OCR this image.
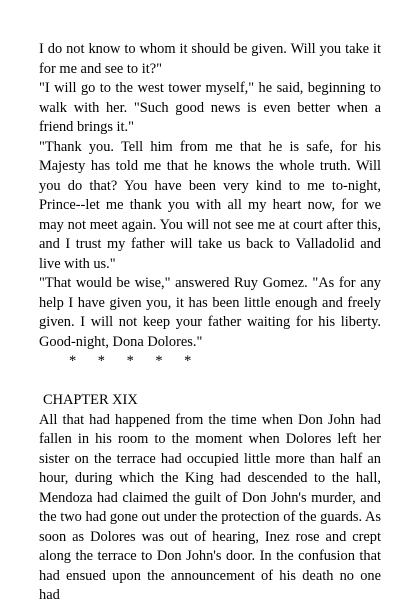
I do not know to whom it should be given. Will you take it for me and see to it?"

"I will go to the west tower myself," he said, beginning to walk with her. "Such good news is even better when a friend brings it."

"Thank you. Tell him from me that he is safe, for his Majesty has told me that he knows the whole truth. Will you do that? You have been very kind to me to-night, Prince--let me thank you with all my heart now, for we may not meet again. You will not see me at court after this, and I trust my father will take us back to Valladolid and live with us."

"That would be wise," answered Ruy Gomez. "As for any help I have given you, it has been little enough and freely given. I will not keep your father waiting for his liberty. Good-night, Dona Dolores."

*      *      *      *      *

CHAPTER XIX

All that had happened from the time when Don John had fallen in his room to the moment when Dolores left her sister on the terrace had occupied little more than half an hour, during which the King had descended to the hall, Mendoza had claimed the guilt of Don John's murder, and the two had gone out under the protection of the guards. As soon as Dolores was out of hearing, Inez rose and crept along the terrace to Don John's door. In the confusion that had ensued upon the announcement of his death no one had
